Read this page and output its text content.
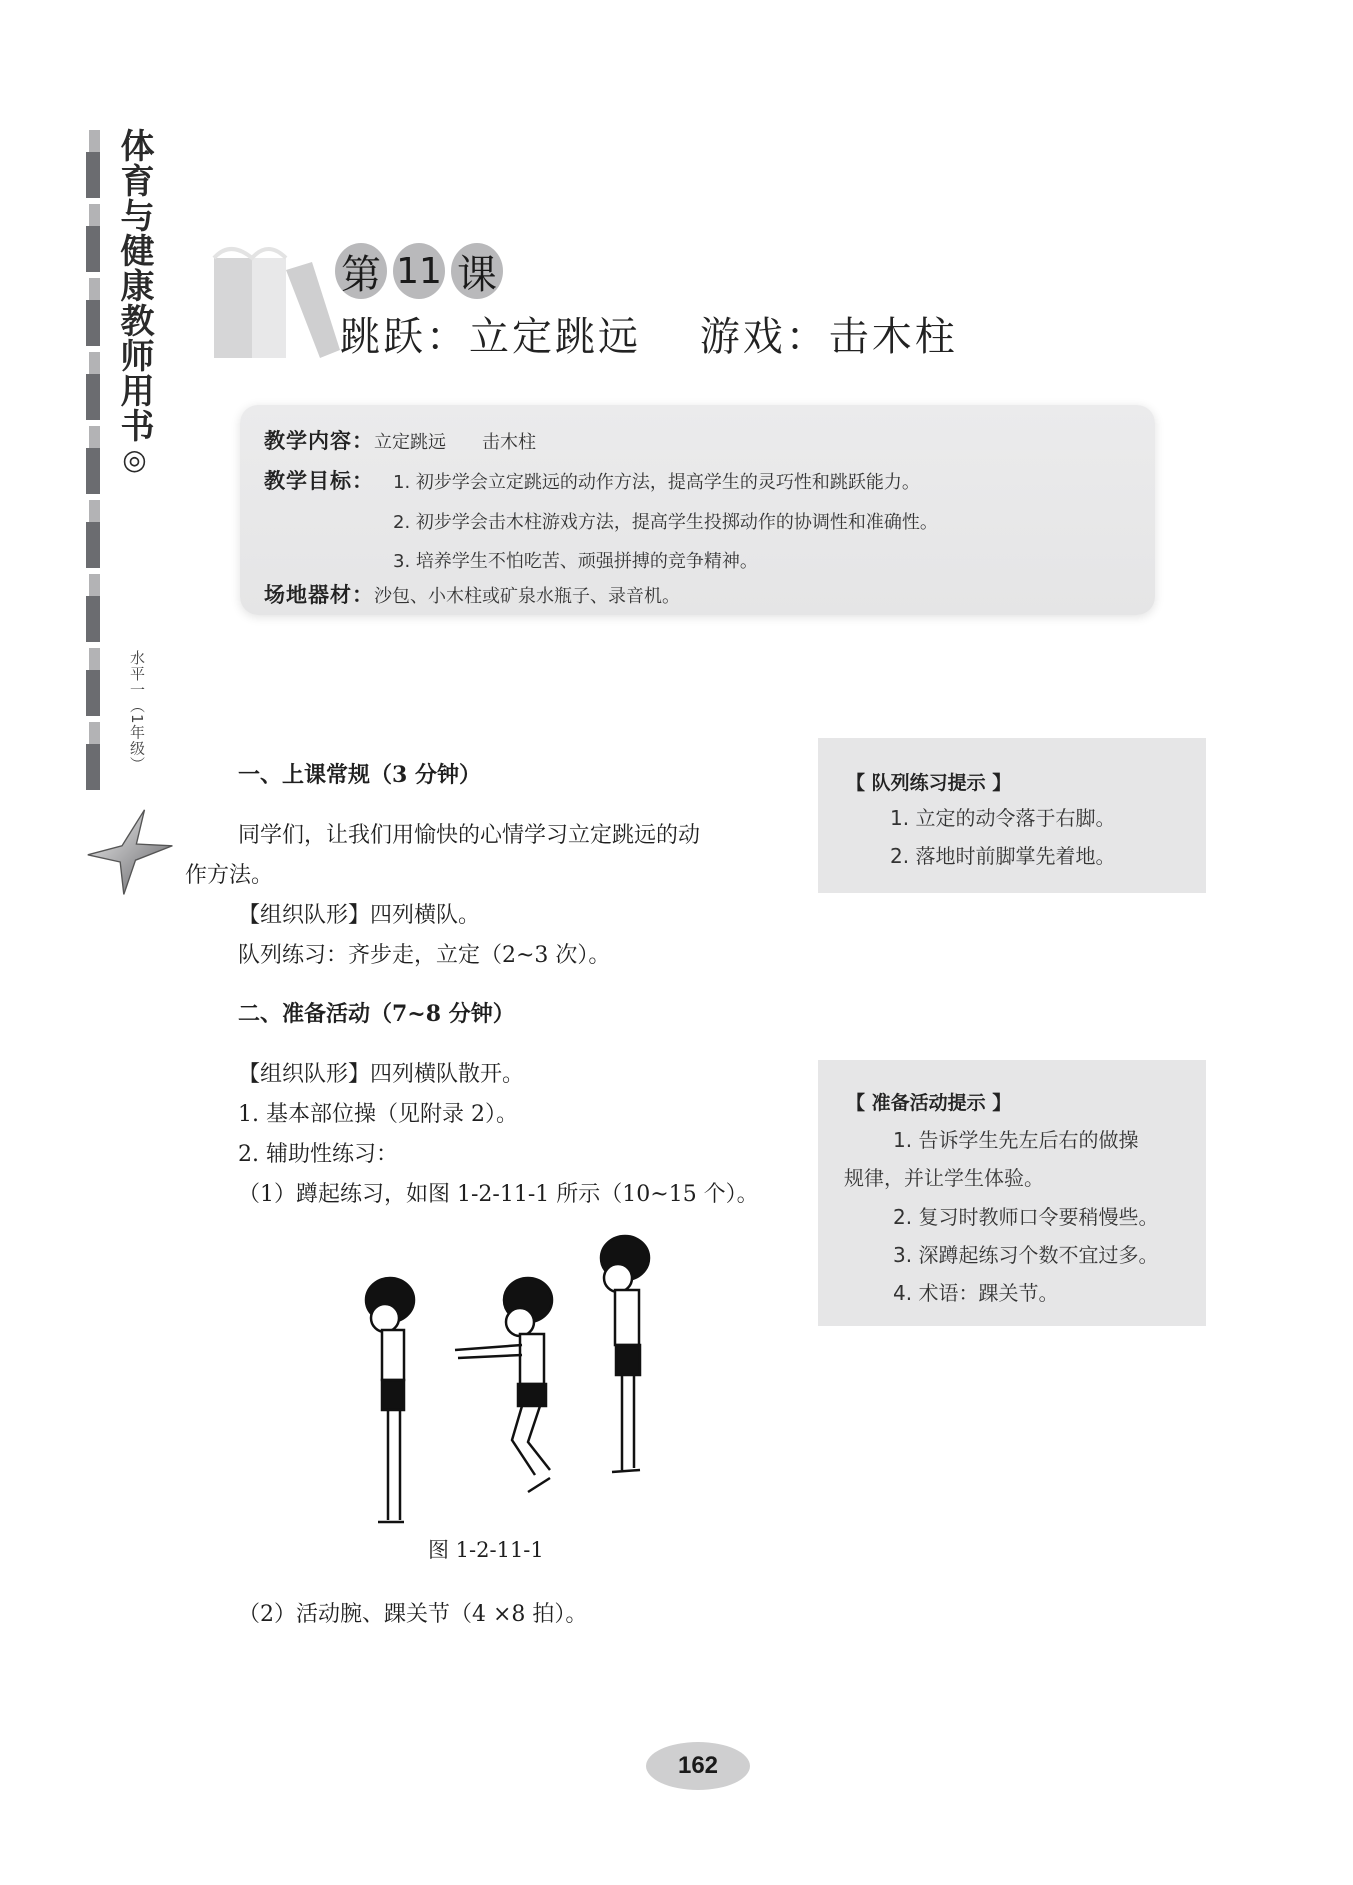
体育与健康教师用书◎
水平一（1年级）
第 11 课
跳跃：立定跳远　 游戏：击木柱
教学内容： 立定跳远　　击木柱
教学目标： 1. 初步学会立定跳远的动作方法，提高学生的灵巧性和跳跃能力。
2. 初步学会击木柱游戏方法，提高学生投掷动作的协调性和准确性。
3. 培养学生不怕吃苦、顽强拼搏的竞争精神。
场地器材： 沙包、小木柱或矿泉水瓶子、录音机。
一、上课常规（3 分钟）
同学们，让我们用愉快的心情学习立定跳远的动
作方法。
【组织队形】四列横队。
队列练习：齐步走，立定（2~3 次）。
二、准备活动（7~8 分钟）
【组织队形】四列横队散开。
1. 基本部位操（见附录 2）。
2. 辅助性练习：
（1）蹲起练习，如图 1-2-11-1 所示（10~15 个）。
图 1-2-11-1
（2）活动腕、踝关节（4 ×8 拍）。
【 队列练习提示 】
1. 立定的动令落于右脚。
2. 落地时前脚掌先着地。
【 准备活动提示 】
1. 告诉学生先左后右的做操
规律，并让学生体验。
2. 复习时教师口令要稍慢些。
3. 深蹲起练习个数不宜过多。
4. 术语：踝关节。
162
